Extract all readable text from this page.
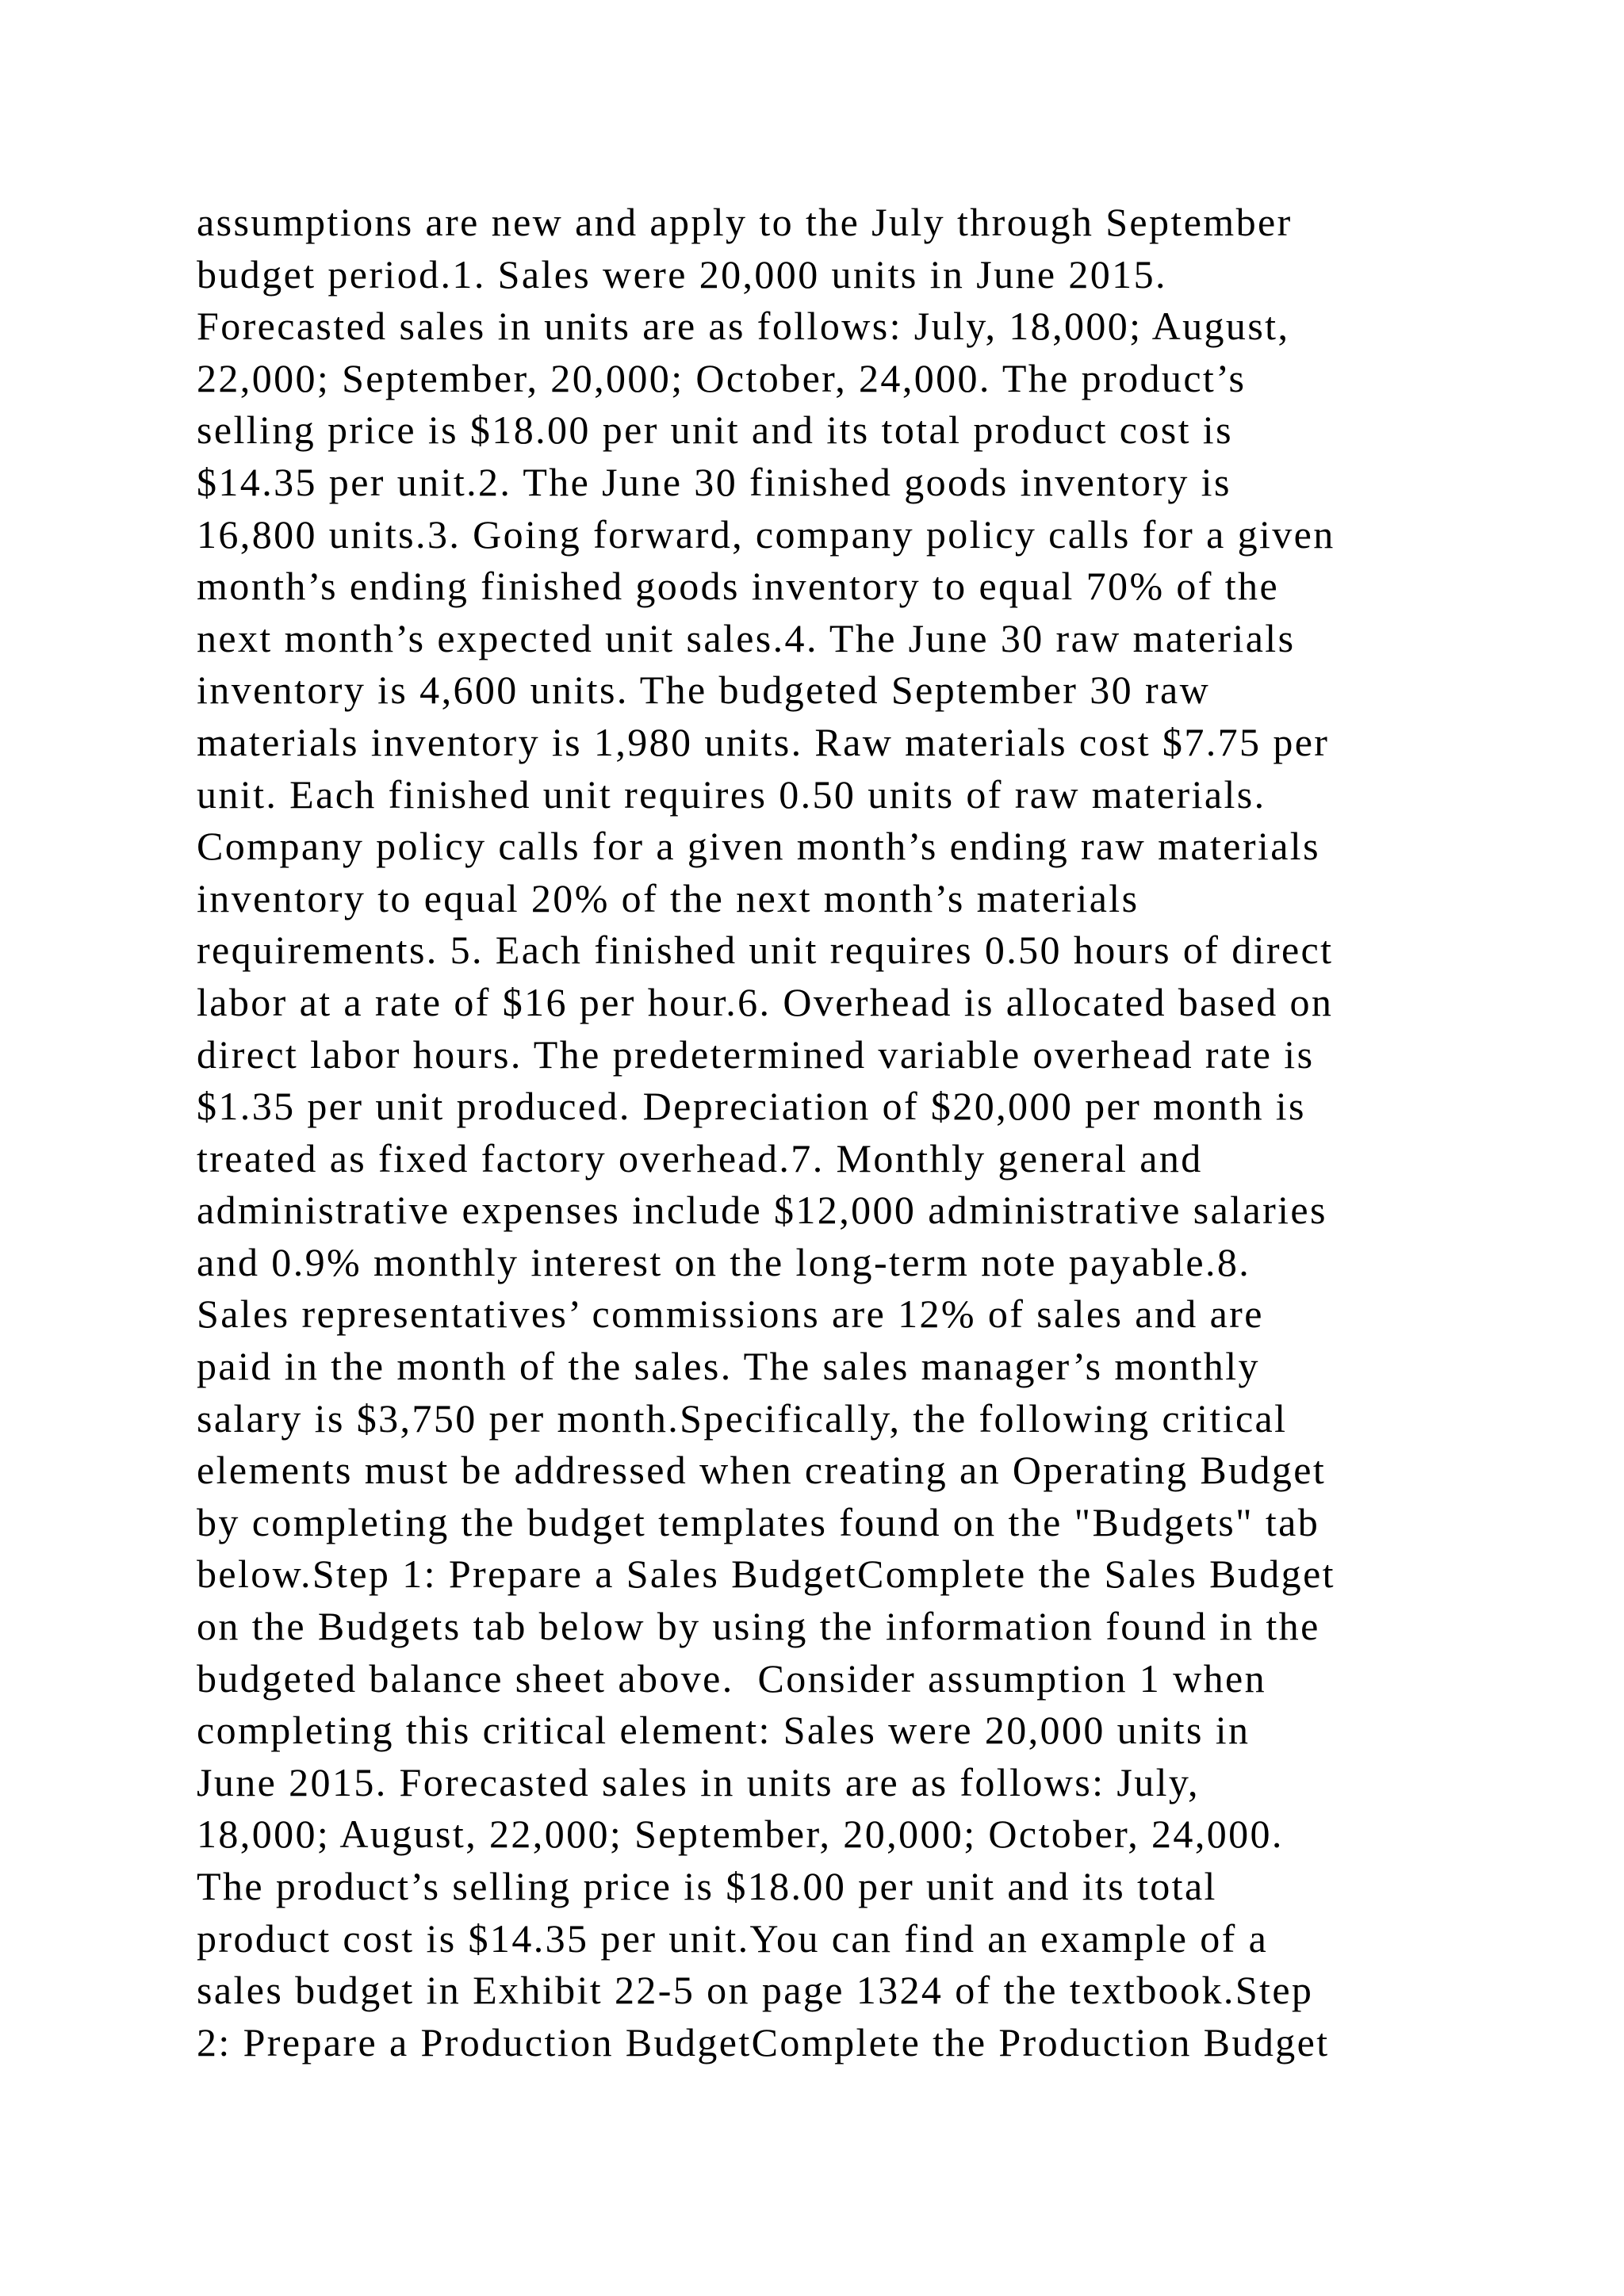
assumptions are new and apply to the July through September
budget period.1. Sales were 20,000 units in June 2015.
Forecasted sales in units are as follows: July, 18,000; August,
22,000; September, 20,000; October, 24,000. The product’s
selling price is $18.00 per unit and its total product cost is
$14.35 per unit.2. The June 30 finished goods inventory is
16,800 units.3. Going forward, company policy calls for a given
month’s ending finished goods inventory to equal 70% of the
next month’s expected unit sales.4. The June 30 raw materials
inventory is 4,600 units. The budgeted September 30 raw
materials inventory is 1,980 units. Raw materials cost $7.75 per
unit. Each finished unit requires 0.50 units of raw materials.
Company policy calls for a given month’s ending raw materials
inventory to equal 20% of the next month’s materials
requirements. 5. Each finished unit requires 0.50 hours of direct
labor at a rate of $16 per hour.6. Overhead is allocated based on
direct labor hours. The predetermined variable overhead rate is
$1.35 per unit produced. Depreciation of $20,000 per month is
treated as fixed factory overhead.7. Monthly general and
administrative expenses include $12,000 administrative salaries
and 0.9% monthly interest on the long-term note payable.8.
Sales representatives’ commissions are 12% of sales and are
paid in the month of the sales. The sales manager’s monthly
salary is $3,750 per month.Specifically, the following critical
elements must be addressed when creating an Operating Budget
by completing the budget templates found on the "Budgets" tab
below.Step 1: Prepare a Sales BudgetComplete the Sales Budget
on the Budgets tab below by using the information found in the
budgeted balance sheet above.  Consider assumption 1 when
completing this critical element: Sales were 20,000 units in
June 2015. Forecasted sales in units are as follows: July,
18,000; August, 22,000; September, 20,000; October, 24,000.
The product’s selling price is $18.00 per unit and its total
product cost is $14.35 per unit.You can find an example of a
sales budget in Exhibit 22-5 on page 1324 of the textbook.Step
2: Prepare a Production BudgetComplete the Production Budget
